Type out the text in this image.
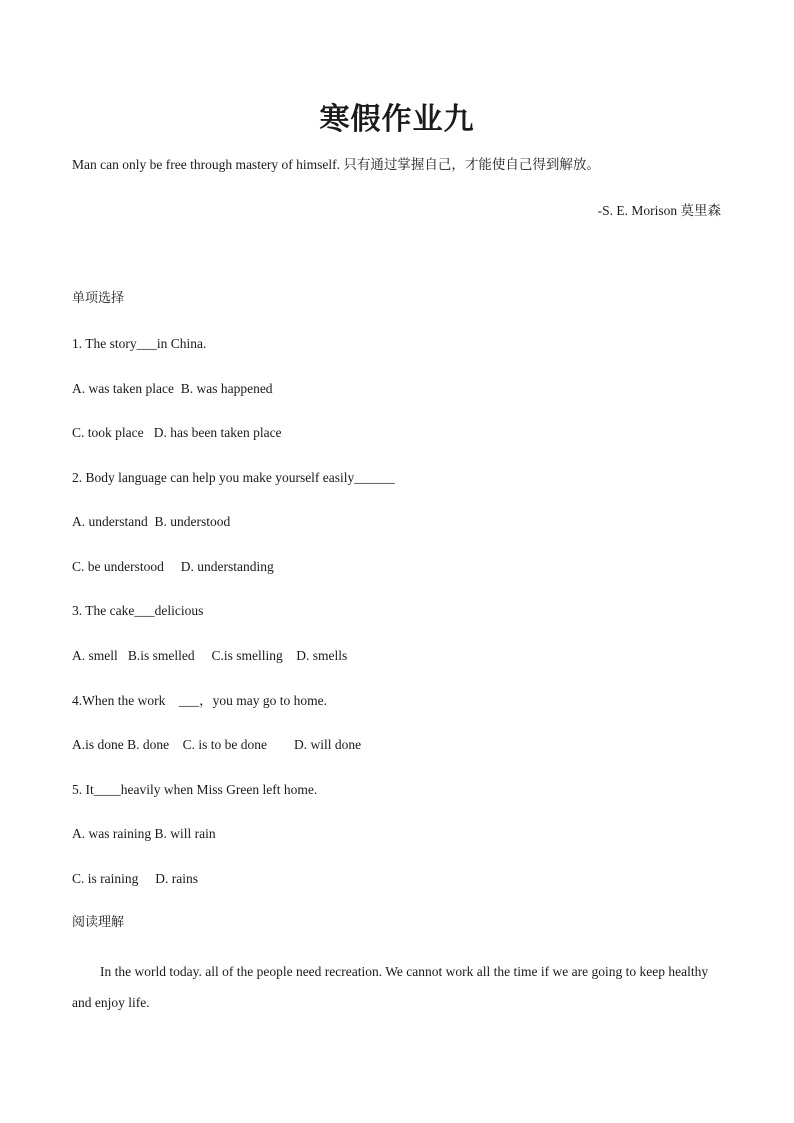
寒假作业九

Man can only be free through mastery of himself. 只有通过掌握自己，才能使自己得到解放。

-S. E. Morison 莫里森

单项选择

1. The story___in China.

A. was taken place  B. was happened

C. took place   D. has been taken place

2. Body language can help you make yourself easily______

A. understand  B. understood

C. be understood     D. understanding

3. The cake___delicious

A. smell   B.is smelled     C.is smelling    D. smells

4.When the work    ___，you may go to home.

A.is done B. done    C. is to be done        D. will done

5. It____heavily when Miss Green left home.

A. was raining B. will rain

C. is raining     D. rains

阅读理解

In the world today. all of the people need recreation. We cannot work all the time if we are going to keep healthy and enjoy life.
